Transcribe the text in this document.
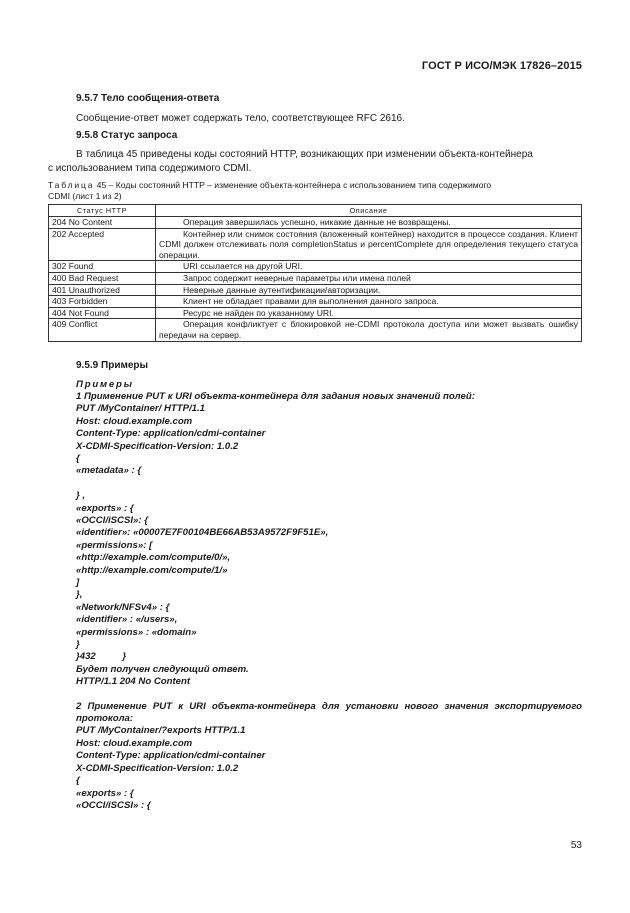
ГОСТ Р ИСО/МЭК 17826–2015

9.5.7 Тело сообщения-ответа

Сообщение-ответ может содержать тело, соответствующее RFC 2616.

9.5.8 Статус запроса

В таблица 45 приведены коды состояний HTTP, возникающих при изменении объекта-контейнера

с использованием типа содержимого CDMI.

Таблица 45 – Коды состояний HTTP – изменение объекта-контейнера с использованием типа содержимого
CDMI (лист 1 из 2)
Статус HTTP	Описание
204 No Content	Операция завершилась успешно, никакие данные не возвращены.
202 Accepted	Контейнер или снимок состояния (вложенный контейнер) находится в процессе создания. Клиент CDMI должен отслеживать поля completionStatus и percentComplete для определения текущего статуса операции.
302 Found	URI ссылается на другой URI.
400 Bad Request	Запрос содержит неверные параметры или имена полей
401 Unauthorized	Неверные данные аутентификации/авторизации.
403 Forbidden	Клиент не обладает правами для выполнения данного запроса.
404 Not Found	Ресурс не найден по указанному URI.
409 Conflict	Операция конфликтует с блокировкой не-CDMI протокола доступа или может вызвать ошибку передачи на сервер.

9.5.9 Примеры

Примеры
1 Применение PUT к URI объекта-контейнера для задания новых значений полей:
PUT /MyContainer/ HTTP/1.1
Host: cloud.example.com
Content-Type: application/cdmi-container
X-CDMI-Specification-Version: 1.0.2
{
«metadata» : {
} ,
«exports» : {
«OCCI/iSCSI»: {
«identifier»: «00007E7F00104BE66AB53A9572F9F51E»,
«permissions»: [
«http://example.com/compute/0/»,
«http://example.com/compute/1/»
]
},
«Network/NFSv4» : {
«identifier» : «/users»,
«permissions» : «domain»
}
}432          }
Будет получен следующий ответ.
HTTP/1.1 204 No Content
2 Применение PUT к URI объекта-контейнера для установки нового значения экспортируемого протокола:
PUT /MyContainer/?exports HTTP/1.1
Host: cloud.example.com
Content-Type: application/cdmi-container
X-CDMI-Specification-Version: 1.0.2
{
«exports» : {
«OCCI/iSCSI» : {
53
